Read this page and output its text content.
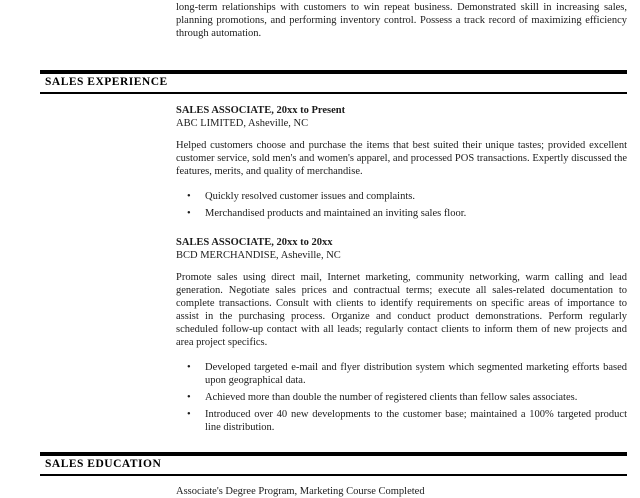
long-term relationships with customers to win repeat business. Demonstrated skill in increasing sales, planning promotions, and performing inventory control. Possess a track record of maximizing efficiency through automation.

SALES EXPERIENCE
SALES ASSOCIATE, 20xx to Present
ABC LIMITED, Asheville, NC

Helped customers choose and purchase the items that best suited their unique tastes; provided excellent customer service, sold men's and women's apparel, and processed POS transactions. Expertly discussed the features, merits, and quality of merchandise.

• Quickly resolved customer issues and complaints.
• Merchandised products and maintained an inviting sales floor.
SALES ASSOCIATE, 20xx to 20xx
BCD MERCHANDISE, Asheville, NC

Promote sales using direct mail, Internet marketing, community networking, warm calling and lead generation. Negotiate sales prices and contractual terms; execute all sales-related documentation to complete transactions. Consult with clients to identify requirements on specific areas of importance to assist in the purchasing process. Organize and conduct product demonstrations. Perform regularly scheduled follow-up contact with all leads; regularly contact clients to inform them of new projects and area project specifics.

• Developed targeted e-mail and flyer distribution system which segmented marketing efforts based upon geographical data.
• Achieved more than double the number of registered clients than fellow sales associates.
• Introduced over 40 new developments to the customer base; maintained a 100% targeted product line distribution.
SALES EDUCATION

Associate's Degree Program, Marketing Course Completed
